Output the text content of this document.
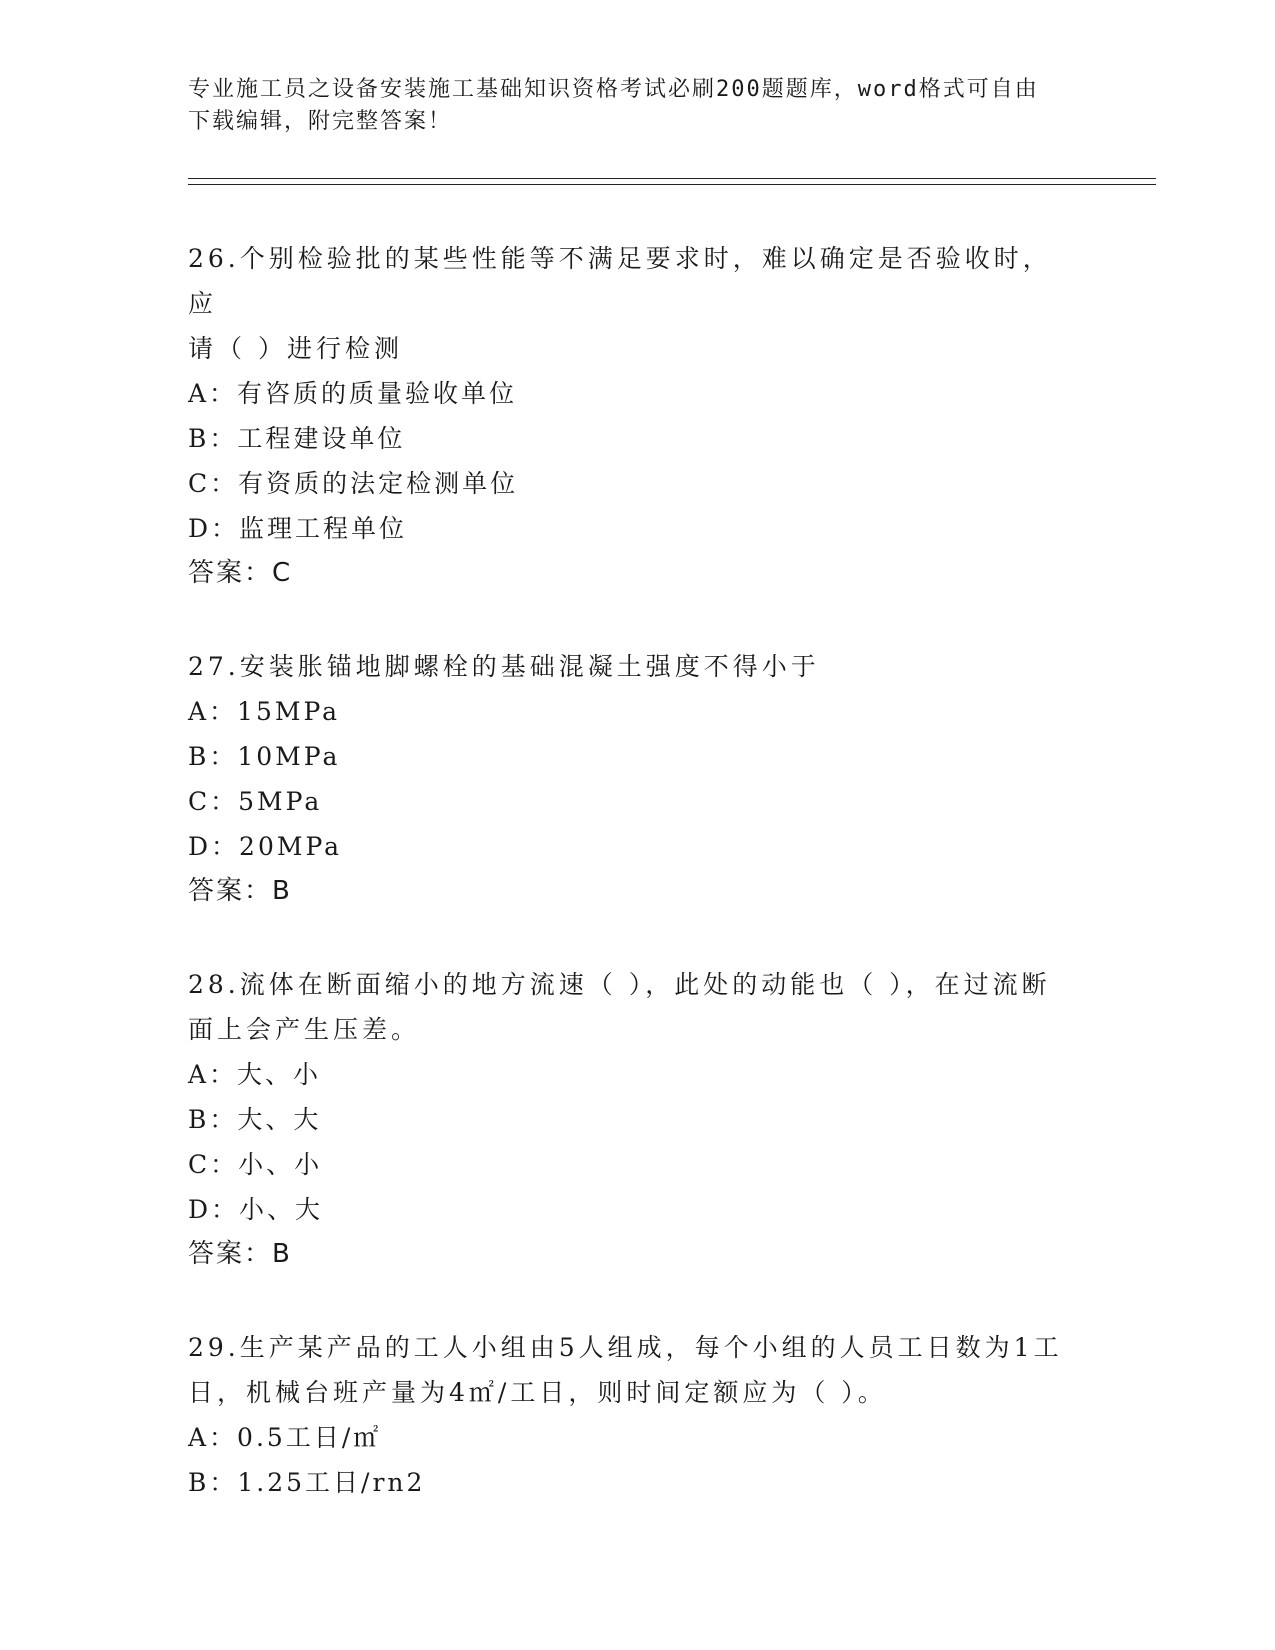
专业施工员之设备安装施工基础知识资格考试必刷200题题库，word格式可自由
下载编辑，附完整答案！

26.个别检验批的某些性能等不满足要求时，难以确定是否验收时，应

请（ ）进行检测

A：有咨质的质量验收单位

B：工程建设单位

C：有资质的法定检测单位

D：监理工程单位

答案：C

27.安装胀锚地脚螺栓的基础混凝土强度不得小于

A：15MPa

B：10MPa

C：5MPa

D：20MPa

答案：B

28.流体在断面缩小的地方流速（ ），此处的动能也（ ），在过流断

面上会产生压差。

A：大、小

B：大、大

C：小、小

D：小、大

答案：B

29.生产某产品的工人小组由5人组成，每个小组的人员工日数为1工

日，机械台班产量为4㎡/工日，则时间定额应为（ ）。

A：0.5工日/㎡

B：1.25工日/rn2
